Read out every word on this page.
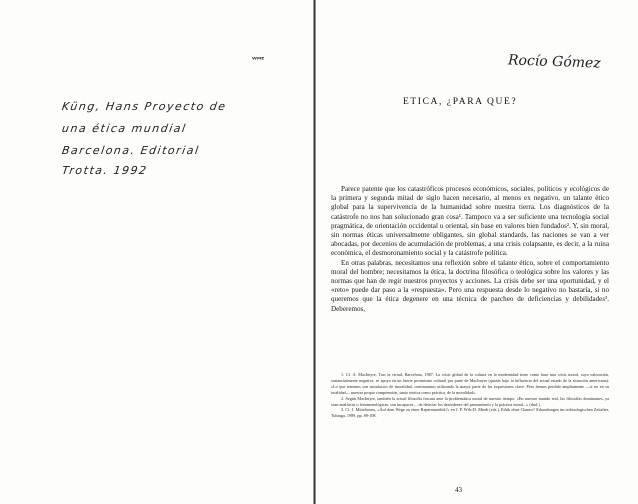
ᵂᴹᴱ
Küng, Hans Proyecto de
una ética mundial
Barcelona. Editorial
Trotta. 1992
Rocío Gómez
ETICA, ¿PARA QUE?

Parece patente que los catastróficos procesos económicos, sociales, políticos y ecológicos de la primera y segunda mitad de siglo hacen necesario, al menos ex negativo, un talante ético global para la supervivencia de la humanidad sobre nuestra tierra. Los diagnósticos de la catástrofe no nos han solucionado gran cosa¹. Tampoco va a ser suficiente una tecnología social pragmática, de orientación occidental u oriental, sin base en valores bien fundados². Y, sin moral, sin normas éticas universalmente obligantes, sin global standards, las naciones se van a ver abocadas, por decenios de acumulación de problemas, a una crisis colapsante, es decir, a la ruina económica, el desmoronamiento social y la catástrofe política.

En otras palabras, necesitamos una reflexión sobre el talante ético, sobre el comportamiento moral del hombre; necesitamos la ética, la doctrina filosófica o teológica sobre los valores y las normas que han de regir nuestros proyectos y acciones. La crisis debe ser una oportunidad, y el «reto» puede dar paso a la «respuesta». Pero una respuesta desde lo negativo no bastaría, si no queremos que la ética degenere en una técnica de parcheo de deficiencias y debilidades³. Deberemos,

1. Cf. A. MacIntyre, Tras la virtud, Barcelona, 1987. La crisis global de la cultura en la modernidad tiene como base una crisis moral, cuya valoración, sustancialmente negativa, se apoya en un fuerte pesimismo cultural por parte de MacIntyre (quizás bajo la influencia del actual estado de la situación americana): «Lo que tenemos son simulacros de moralidad, continuamos utilizando la mayor parte de las expresiones clave. Pero hemos perdido ampliamente —si no en su totalidad— nuestra propia comprensión, tanto teórica como práctica, de la moralidad».

2. Según MacIntyre, también la actual filosofía fracasa ante la problemática moral de nuestro tiempo: «En nuestro mundo real, las filosofías dominantes, ya sean analíticas o fenomenológicas, son incapaces ... de detectar los desórdenes del pensamiento y la práctica moral...» (ibid.).

3. Cf. J. Mittelstrass, «Auf dem Wege zu einer Reparaturethik?» en J. P. Wils-D. Mieth (eds.), Ethik ohne Chance? Erkundungen im technologischen Zeitalter, Tubinga, 1989, pp. 89-108.

43
